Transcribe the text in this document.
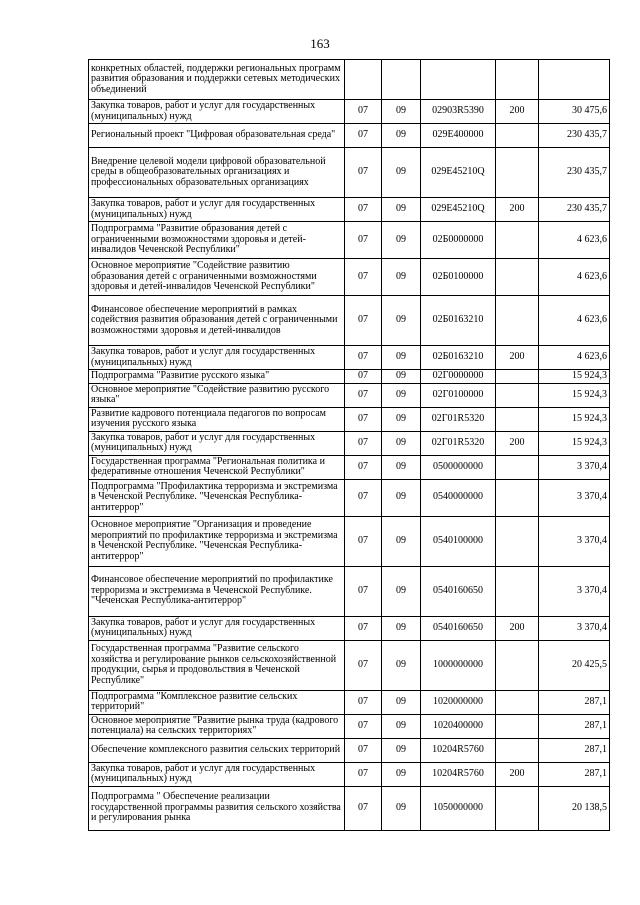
163
конкретных областей, поддержки региональных программ развития образования и поддержки сетевых методических объединений					
Закупка товаров, работ и услуг для государственных (муниципальных) нужд	07	09	02903R5390	200	30 475,6
Региональный проект "Цифровая образовательная среда"	07	09	029E400000		230 435,7
Внедрение целевой модели цифровой образовательной среды в общеобразовательных организациях и профессиональных образовательных организациях	07	09	029E45210Q		230 435,7
Закупка товаров, работ и услуг для государственных (муниципальных) нужд	07	09	029E45210Q	200	230 435,7
Подпрограмма "Развитие образования детей с ограниченными возможностями здоровья и детей-инвалидов Чеченской Республики"	07	09	02Б0000000		4 623,6
Основное мероприятие "Содействие развитию образования детей с ограниченными возможностями здоровья и детей-инвалидов Чеченской Республики"	07	09	02Б0100000		4 623,6
Финансовое обеспечение мероприятий в рамках содействия развития образования детей с ограниченными возможностями здоровья и детей-инвалидов	07	09	02Б0163210		4 623,6
Закупка товаров, работ и услуг для государственных (муниципальных) нужд	07	09	02Б0163210	200	4 623,6
Подпрограмма "Развитие русского языка"	07	09	02Г0000000		15 924,3
Основное мероприятие "Содействие развитию русского языка"	07	09	02Г0100000		15 924,3
Развитие кадрового потенциала педагогов по вопросам изучения русского языка	07	09	02Г01R5320		15 924,3
Закупка товаров, работ и услуг для государственных (муниципальных) нужд	07	09	02Г01R5320	200	15 924,3
Государственная программа "Региональная политика и федеративные отношения Чеченской Республики"	07	09	0500000000		3 370,4
Подпрограмма "Профилактика терроризма и экстремизма в Чеченской Республике. "Чеченская Республика-антитеррор"	07	09	0540000000		3 370,4
Основное мероприятие "Организация и проведение мероприятий по профилактике терроризма и экстремизма в Чеченской Республике. "Чеченская Республика-антитеррор"	07	09	0540100000		3 370,4
Финансовое обеспечение мероприятий по профилактике терроризма и экстремизма в Чеченской Республике. "Чеченская Республика-антитеррор"	07	09	0540160650		3 370,4
Закупка товаров, работ и услуг для государственных (муниципальных) нужд	07	09	0540160650	200	3 370,4
Государственная программа "Развитие сельского хозяйства и регулирование рынков сельскохозяйственной продукции, сырья и продовольствия в Чеченской Республике"	07	09	1000000000		20 425,5
Подпрограмма "Комплексное развитие сельских территорий"	07	09	1020000000		287,1
Основное мероприятие "Развитие рынка труда (кадрового потенциала) на сельских территориях"	07	09	1020400000		287,1
Обеспечение комплексного развития сельских территорий	07	09	10204R5760		287,1
Закупка товаров, работ и услуг для государственных (муниципальных) нужд	07	09	10204R5760	200	287,1
Подпрограмма " Обеспечение реализации государственной программы развития сельского хозяйства и регулирования рынка	07	09	1050000000		20 138,5
